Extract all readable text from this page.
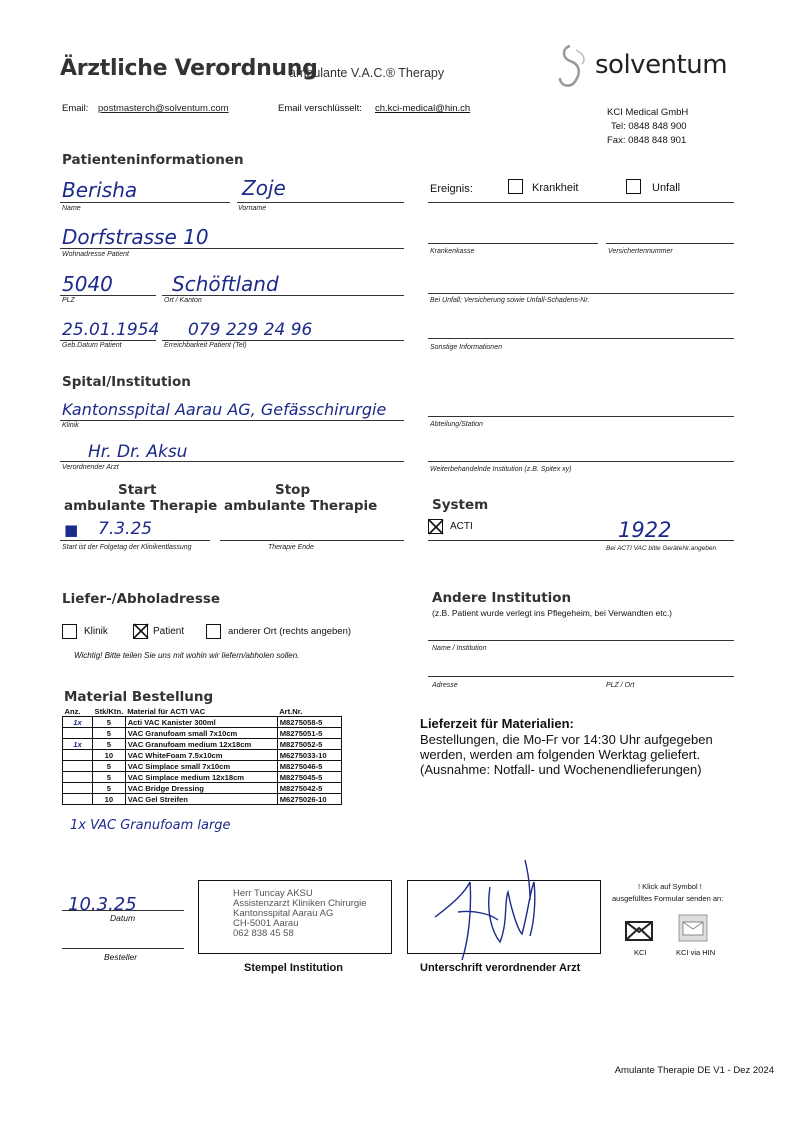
Ärztliche Verordnung
ambulante V.A.C.® Therapy	solventum
Email: postmasterch@solventum.com	Email verschlüsselt: ch.kci-medical@hin.ch	KCI Medical GmbH
Tel: 0848 848 900
Fax: 0848 848 901
Patienteninformationen
Berisha	Zoje
Name	Vorname
Dorfstrasse 10
Wohnadresse Patient
5040	Schöftland
PLZ	Ort / Kanton
25.01.1954 079 229 24 96
Geb.Datum Patient	Erreichbarkeit Patient (Tel)
Ereignis:	Krankheit	Unfall
Krankenkasse	Versichertennummer
Bei Unfall; Versicherung sowie Unfall-Schadens-Nr.
Sonstige Informationen
Spital/Institution
Kantonsspital Aarau AG, Gefässchirurgie
Klinik
Hr. Dr. Aksu
Verordnender Arzt
Abteilung/Station
Weiterbehandelnde Institution (z.B. Spitex xy)
Start
ambulante Therapie
Stop
ambulante Therapie
■ 7.3.25
Start ist der Folgetag der Klinikentlassung	Therapie Ende
System
ACTI	1922
Bei ACTI VAC bitte GeräteNr.angeben
Liefer-/Abholadresse
Klinik	Patient	anderer Ort (rechts angeben)
Wichtig! Bitte teilen Sie uns mit wohin wir liefern/abholen sollen.
Andere Institution
(z.B. Patient wurde verlegt ins Pflegeheim, bei Verwandten etc.)
Name / Institution
Adresse	PLZ / Ort
Material Bestellung
Anz.	Stk/Ktn.	Material für ACTI VAC	Art.Nr.
1x	5	Acti VAC Kanister 300ml	M8275058-5
	5	VAC Granufoam small 7x10cm	M8275051-5
1x	5	VAC Granufoam medium 12x18cm	M8275052-5
	10	VAC WhiteFoam 7.5x10cm	M6275033-10
	5	VAC Simplace small 7x10cm	M8275046-5
	5	VAC Simplace medium 12x18cm	M8275045-5
	5	VAC Bridge Dressing	M8275042-5
	10	VAC Gel Streifen	M6275026-10
1x VAC Granufoam large
Lieferzeit für Materialien:
Bestellungen, die Mo-Fr vor 14:30 Uhr aufgegeben werden, werden am folgenden Werktag geliefert. (Ausnahme: Notfall- und Wochenendlieferungen)
10.3.25
Datum
Besteller
Herr Tuncay AKSU
Assistenzarzt Kliniken Chirurgie
Kantonsspital Aarau AG
CH-5001 Aarau
062 838 45 58
Stempel Institution	Unterschrift verordnender Arzt
! Klick auf Symbol !
ausgefülltes Formular senden an:
KCI	KCI via HIN
Amulante Therapie DE V1 - Dez 2024
